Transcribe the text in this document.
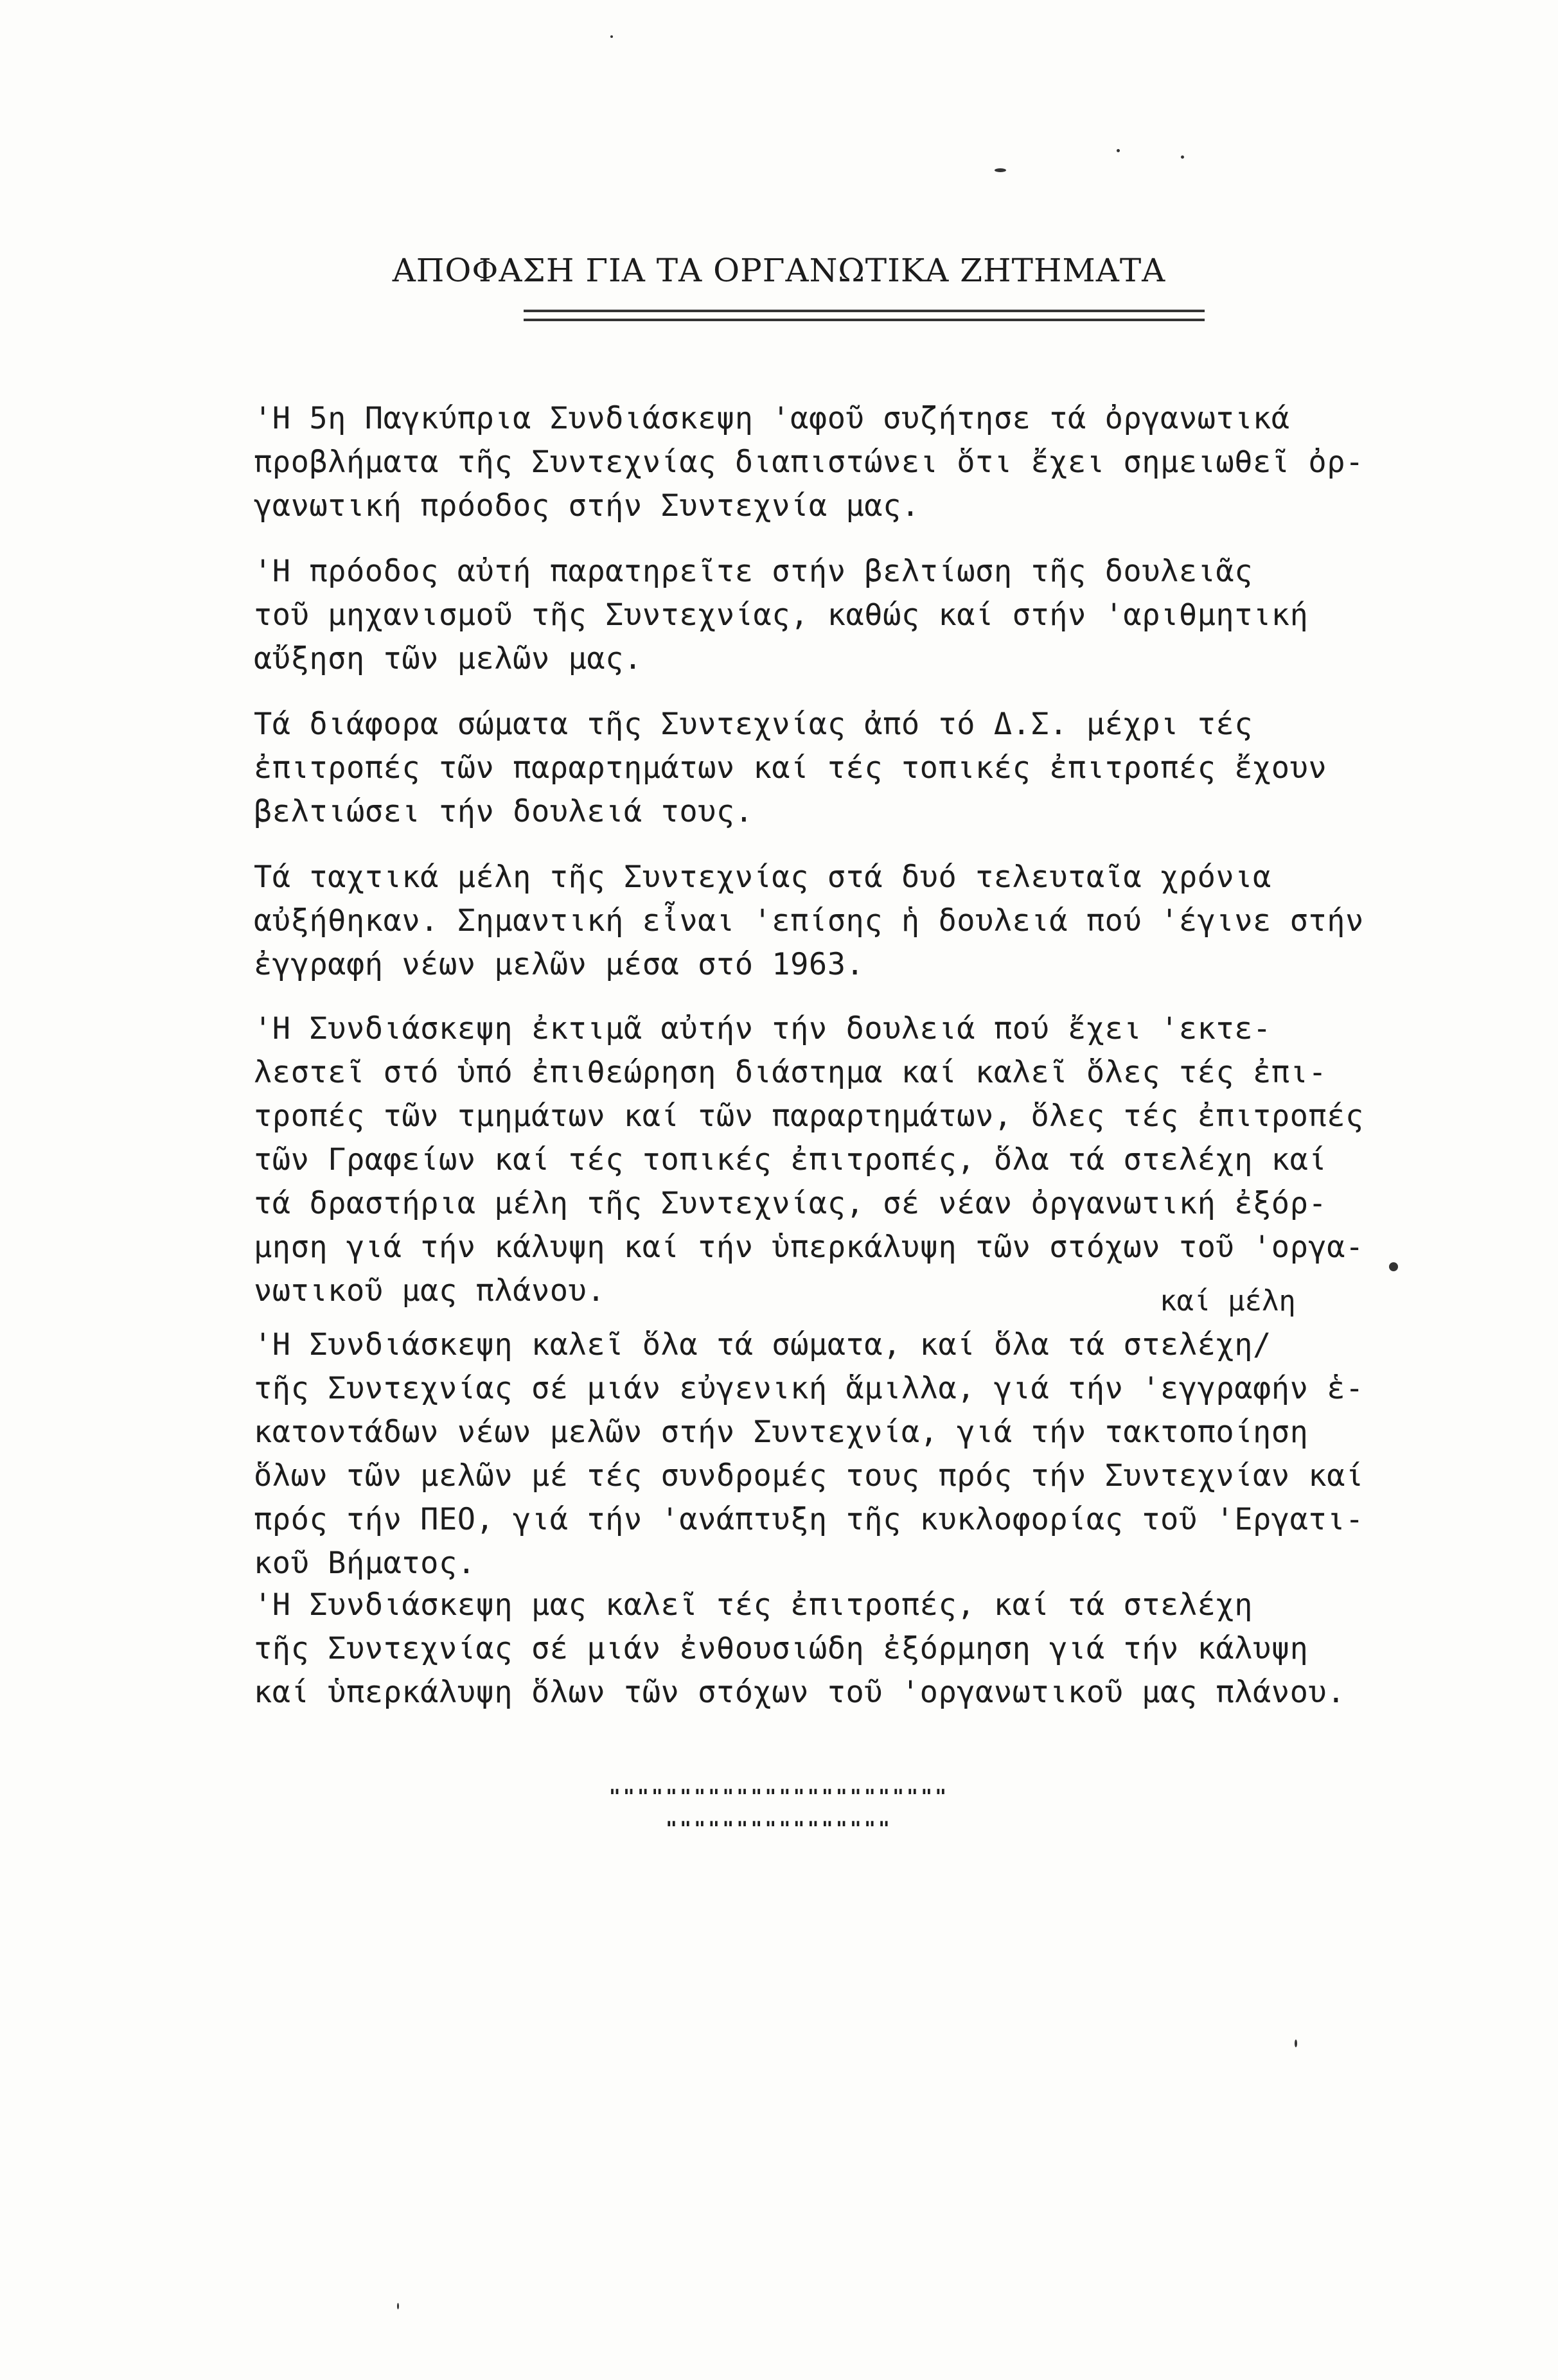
ΑΠΟΦΑΣΗ ΓΙΑ ΤΑ ΟΡΓΑΝΩΤΙΚΑ ΖΗΤΗΜΑΤΑ
'Η 5η Παγκύπρια Συνδιάσκεψη 'αφοῦ συζήτησε τά ὀργανωτικά
προβλήματα τῆς Συντεχνίας διαπιστώνει ὅτι ἔχει σημειωθεῖ ὀρ-
γανωτική πρόοδος στήν Συντεχνία μας.
'Η πρόοδος αὐτή παρατηρεῖτε στήν βελτίωση τῆς δουλειᾶς
τοῦ μηχανισμοῦ τῆς Συντεχνίας, καθώς καί στήν 'αριθμητική
αὔξηση τῶν μελῶν μας.
Τά διάφορα σώματα τῆς Συντεχνίας ἀπό τό Δ.Σ. μέχρι τές
ἐπιτροπές τῶν παραρτημάτων καί τές τοπικές ἐπιτροπές ἔχουν
βελτιώσει τήν δουλειά τους.
Τά ταχτικά μέλη τῆς Συντεχνίας στά δυό τελευταῖα χρόνια
αὐξήθηκαν. Σημαντική εἶναι 'επίσης ἡ δουλειά πού 'έγινε στήν
ἐγγραφή νέων μελῶν μέσα στό 1963.
'Η Συνδιάσκεψη ἐκτιμᾶ αὐτήν τήν δουλειά πού ἔχει 'εκτε-
λεστεῖ στό ὑπό ἐπιθεώρηση διάστημα καί καλεῖ ὅλες τές ἐπι-
τροπές τῶν τμημάτων καί τῶν παραρτημάτων, ὅλες τές ἐπιτροπές
τῶν Γραφείων καί τές τοπικές ἐπιτροπές, ὅλα τά στελέχη καί
τά δραστήρια μέλη τῆς Συντεχνίας, σέ νέαν ὀργανωτική ἐξόρ-
μηση γιά τήν κάλυψη καί τήν ὑπερκάλυψη τῶν στόχων τοῦ 'οργα-
νωτικοῦ μας πλάνου.	καί μέλη
'Η Συνδιάσκεψη καλεῖ ὅλα τά σώματα, καί ὅλα τά στελέχη/
τῆς Συντεχνίας σέ μιάν εὐγενική ἅμιλλα, γιά τήν 'εγγραφήν ἑ-
κατοντάδων νέων μελῶν στήν Συντεχνία, γιά τήν τακτοποίηση
ὅλων τῶν μελῶν μέ τές συνδρομές τους πρός τήν Συντεχνίαν καί
πρός τήν ΠΕΟ, γιά τήν 'ανάπτυξη τῆς κυκλοφορίας τοῦ 'Εργατι-
κοῦ Βήματος.
'Η Συνδιάσκεψη μας καλεῖ τές ἐπιτροπές, καί τά στελέχη
τῆς Συντεχνίας σέ μιάν ἐνθουσιώδη ἐξόρμηση γιά τήν κάλυψη
καί ὑπερκάλυψη ὅλων τῶν στόχων τοῦ 'οργανωτικοῦ μας πλάνου.
""""""""""""""""""""""""
""""""""""""""""
